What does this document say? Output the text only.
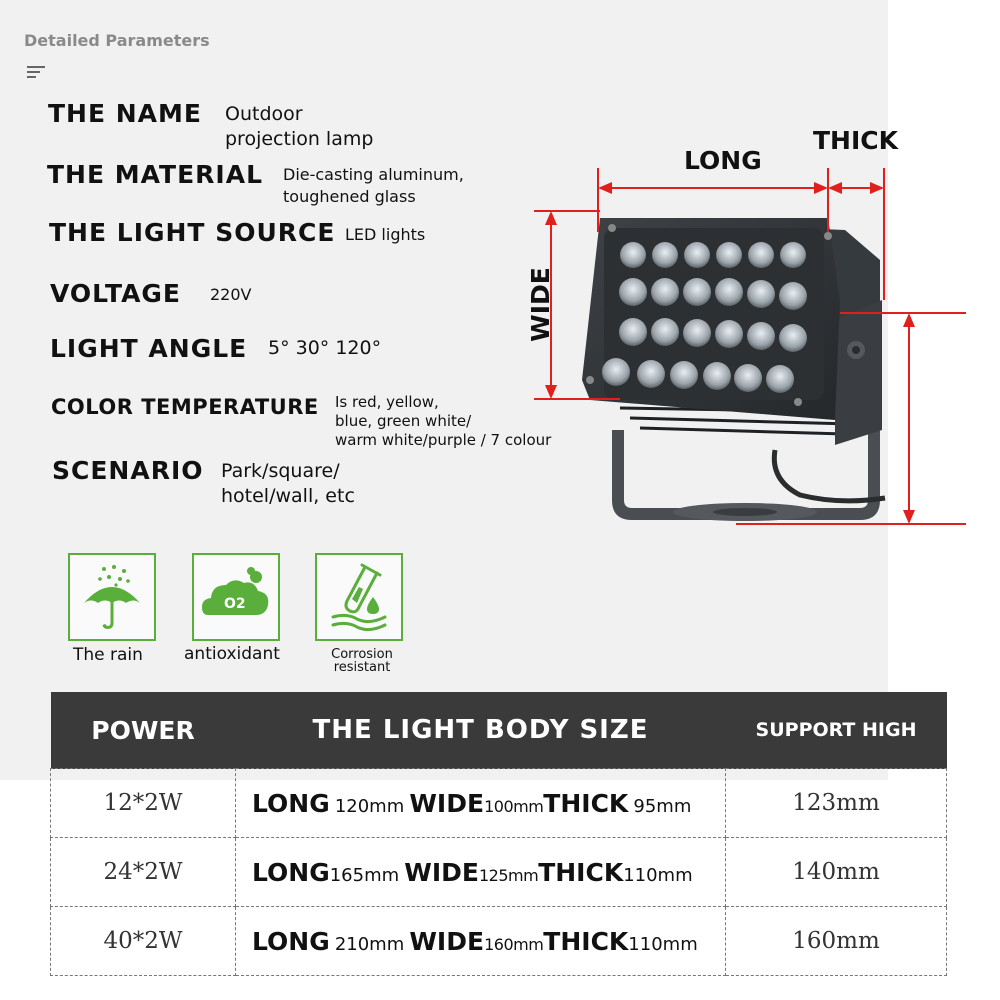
Detailed Parameters
THE NAME Outdoor
projection lamp
THE MATERIAL Die-casting aluminum,
toughened glass
THE LIGHT SOURCE LED lights
VOLTAGE 220V
LIGHT ANGLE 5° 30° 120°
COLOR TEMPERATURE Is red, yellow,
blue, green white/
warm white/purple / 7 colour
SCENARIO Park/square/
hotel/wall, etc
The rain
O2
antioxidant	Corrosion
resistant
LONG
THICK
WIDE
POWER	THE LIGHT BODY SIZE	SUPPORT HIGH
12*2W	LONG 120mm WIDE100mmTHICK 95mm	123mm
24*2W	LONG165mm WIDE125mmTHICK110mm	140mm
40*2W	LONG 210mm WIDE160mmTHICK110mm	160mm
